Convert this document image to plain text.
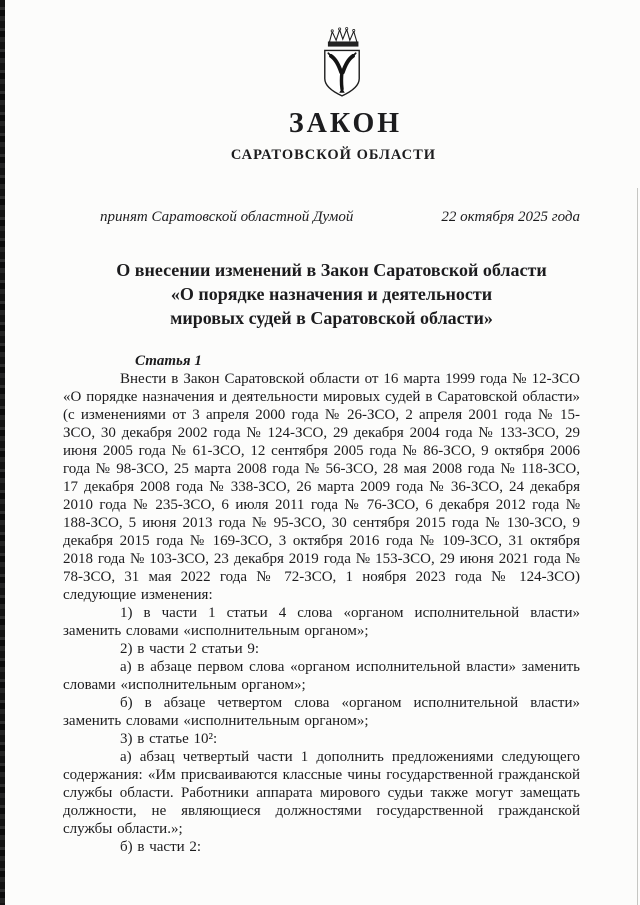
ЗАКОН
САРАТОВСКОЙ ОБЛАСТИ
принят Саратовской областной Думой	22 октября 2025 года
О внесении изменений в Закон Саратовской области
«О порядке назначения и деятельности
мировых судей в Саратовской области»
Статья 1

Внести в Закон Саратовской области от 16 марта 1999 года № 12-ЗСО «О порядке назначения и деятельности мировых судей в Саратовской области» (с изменениями от 3 апреля 2000 года № 26-ЗСО, 2 апреля 2001 года № 15-ЗСО, 30 декабря 2002 года № 124-ЗСО, 29 декабря 2004 года № 133-ЗСО, 29 июня 2005 года № 61-ЗСО, 12 сентября 2005 года № 86-ЗСО, 9 октября 2006 года № 98-ЗСО, 25 марта 2008 года № 56-ЗСО, 28 мая 2008 года № 118-ЗСО, 17 декабря 2008 года № 338-ЗСО, 26 марта 2009 года № 36-ЗСО, 24 декабря 2010 года № 235-ЗСО, 6 июля 2011 года № 76-ЗСО, 6 декабря 2012 года № 188-ЗСО, 5 июня 2013 года № 95-ЗСО, 30 сентября 2015 года № 130-ЗСО, 9 декабря 2015 года № 169-ЗСО, 3 октября 2016 года № 109-ЗСО, 31 октября 2018 года № 103-ЗСО, 23 декабря 2019 года № 153-ЗСО, 29 июня 2021 года № 78-ЗСО, 31 мая 2022 года № 72-ЗСО, 1 ноября 2023 года № 124-ЗСО) следующие изменения:

1) в части 1 статьи 4 слова «органом исполнительной власти» заменить словами «исполнительным органом»;

2) в части 2 статьи 9:

а) в абзаце первом слова «органом исполнительной власти» заменить словами «исполнительным органом»;

б) в абзаце четвертом слова «органом исполнительной власти» заменить словами «исполнительным органом»;

3) в статье 10²:

а) абзац четвертый части 1 дополнить предложениями следующего содержания: «Им присваиваются классные чины государственной гражданской службы области. Работники аппарата мирового судьи также могут замещать должности, не являющиеся должностями государственной гражданской службы области.»;

б) в части 2:
